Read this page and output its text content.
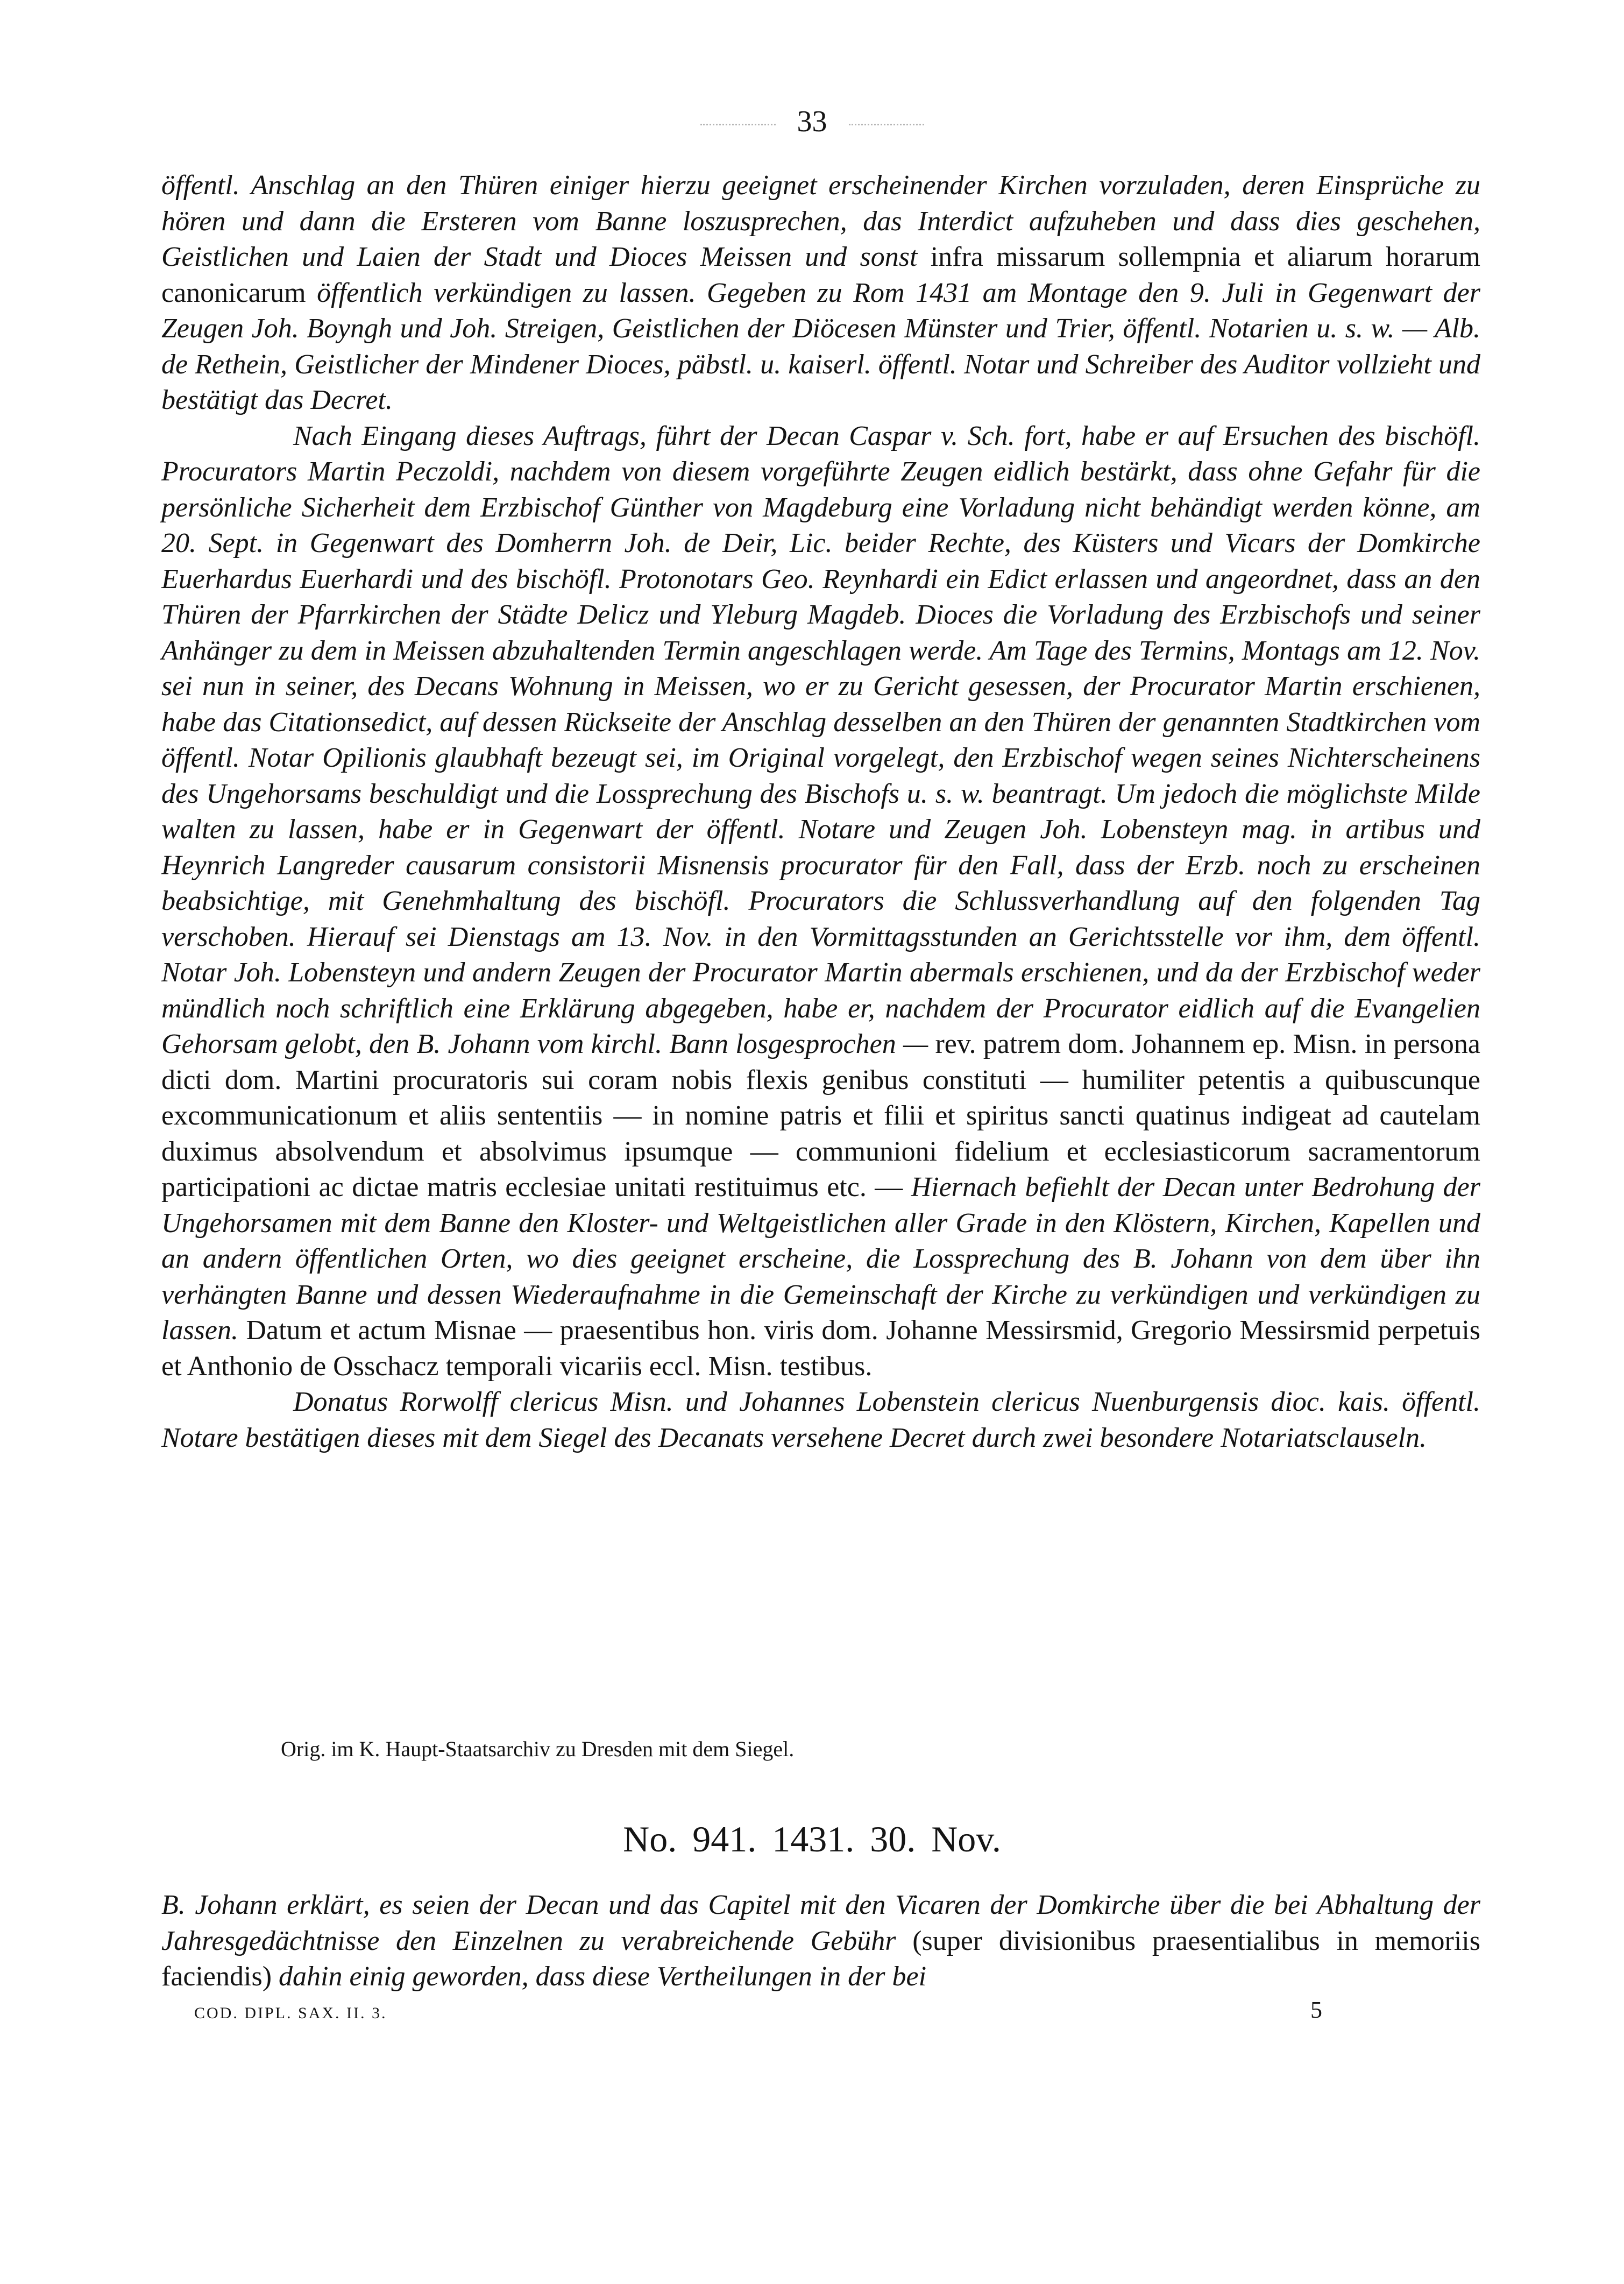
33

öffentl. Anschlag an den Thüren einiger hierzu geeignet erscheinender Kirchen vorzuladen, deren Einsprüche zu hören und dann die Ersteren vom Banne loszusprechen, das Interdict aufzuheben und dass dies geschehen, Geistlichen und Laien der Stadt und Dioces Meissen und sonst infra missarum sollempnia et aliarum horarum canonicarum öffentlich verkündigen zu lassen. Gegeben zu Rom 1431 am Montage den 9. Juli in Gegenwart der Zeugen Joh. Boyngh und Joh. Streigen, Geistlichen der Diöcesen Münster und Trier, öffentl. Notarien u. s. w. — Alb. de Rethein, Geistlicher der Mindener Dioces, päbstl. u. kaiserl. öffentl. Notar und Schreiber des Auditor vollzieht und bestätigt das Decret.

Nach Eingang dieses Auftrags, führt der Decan Caspar v. Sch. fort, habe er auf Ersuchen des bischöfl. Procurators Martin Peczoldi, nachdem von diesem vorgeführte Zeugen eidlich bestärkt, dass ohne Gefahr für die persönliche Sicherheit dem Erzbischof Günther von Magdeburg eine Vorladung nicht behändigt werden könne, am 20. Sept. in Gegenwart des Domherrn Joh. de Deir, Lic. beider Rechte, des Küsters und Vicars der Domkirche Euerhardus Euerhardi und des bischöfl. Protonotars Geo. Reynhardi ein Edict erlassen und angeordnet, dass an den Thüren der Pfarrkirchen der Städte Delicz und Yleburg Magdeb. Dioces die Vorladung des Erzbischofs und seiner Anhänger zu dem in Meissen abzuhaltenden Termin angeschlagen werde. Am Tage des Termins, Montags am 12. Nov. sei nun in seiner, des Decans Wohnung in Meissen, wo er zu Gericht gesessen, der Procurator Martin erschienen, habe das Citationsedict, auf dessen Rückseite der Anschlag desselben an den Thüren der genannten Stadtkirchen vom öffentl. Notar Opilionis glaubhaft bezeugt sei, im Original vorgelegt, den Erzbischof wegen seines Nichterscheinens des Ungehorsams beschuldigt und die Lossprechung des Bischofs u. s. w. beantragt. Um jedoch die möglichste Milde walten zu lassen, habe er in Gegenwart der öffentl. Notare und Zeugen Joh. Lobensteyn mag. in artibus und Heynrich Langreder causarum consistorii Misnensis procurator für den Fall, dass der Erzb. noch zu erscheinen beabsichtige, mit Genehmhaltung des bischöfl. Procurators die Schlussverhandlung auf den folgenden Tag verschoben. Hierauf sei Dienstags am 13. Nov. in den Vormittagsstunden an Gerichtsstelle vor ihm, dem öffentl. Notar Joh. Lobensteyn und andern Zeugen der Procurator Martin abermals erschienen, und da der Erzbischof weder mündlich noch schriftlich eine Erklärung abgegeben, habe er, nachdem der Procurator eidlich auf die Evangelien Gehorsam gelobt, den B. Johann vom kirchl. Bann losgesprochen — rev. patrem dom. Johannem ep. Misn. in persona dicti dom. Martini procuratoris sui coram nobis flexis genibus constituti — humiliter petentis a quibuscunque excommunicationum et aliis sententiis — in nomine patris et filii et spiritus sancti quatinus indigeat ad cautelam duximus absolvendum et absolvimus ipsumque — communioni fidelium et ecclesiasticorum sacramentorum participationi ac dictae matris ecclesiae unitati restituimus etc. — Hiernach befiehlt der Decan unter Bedrohung der Ungehorsamen mit dem Banne den Kloster- und Weltgeistlichen aller Grade in den Klöstern, Kirchen, Kapellen und an andern öffentlichen Orten, wo dies geeignet erscheine, die Lossprechung des B. Johann von dem über ihn verhängten Banne und dessen Wiederaufnahme in die Gemeinschaft der Kirche zu verkündigen und verkündigen zu lassen. Datum et actum Misnae — praesentibus hon. viris dom. Johanne Messirsmid, Gregorio Messirsmid perpetuis et Anthonio de Osschacz temporali vicariis eccl. Misn. testibus.

Donatus Rorwolff clericus Misn. und Johannes Lobenstein clericus Nuenburgensis dioc. kais. öffentl. Notare bestätigen dieses mit dem Siegel des Decanats versehene Decret durch zwei besondere Notariatsclauseln.

Orig. im K. Haupt-Staatsarchiv zu Dresden mit dem Siegel.
No. 941. 1431. 30. Nov.

B. Johann erklärt, es seien der Decan und das Capitel mit den Vicaren der Domkirche über die bei Abhaltung der Jahresgedächtnisse den Einzelnen zu verabreichende Gebühr (super divisionibus praesentialibus in memoriis faciendis) dahin einig geworden, dass diese Vertheilungen in der bei

COD. DIPL. SAX. II. 3.	5
